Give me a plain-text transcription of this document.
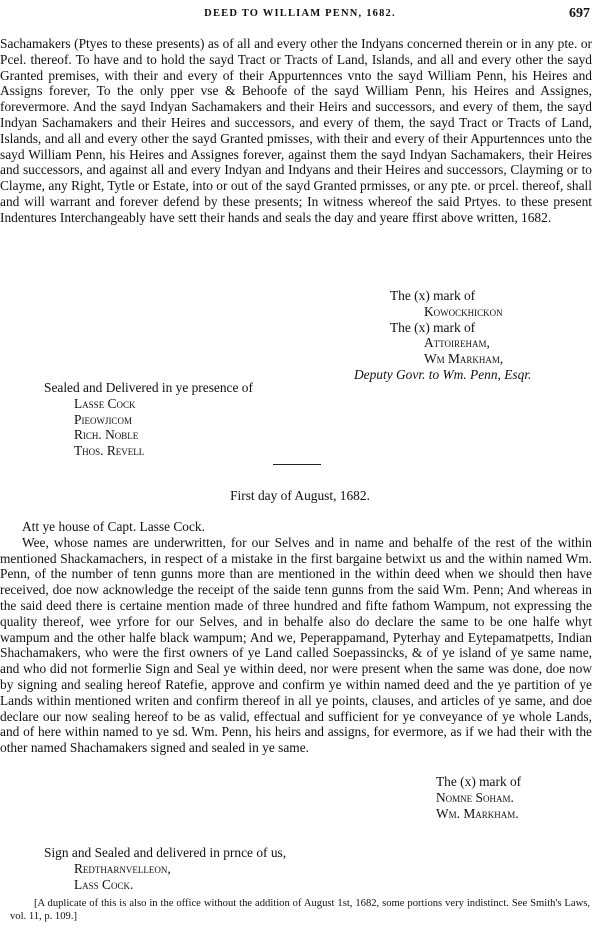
DEED TO WILLIAM PENN, 1682.	697

Sachamakers (Ptyes to these presents) as of all and every other the Indyans concerned therein or in any pte. or Pcel. thereof. To have and to hold the sayd Tract or Tracts of Land, Islands, and all and every other the sayd Granted premises, with their and every of their Appurtennces vnto the sayd William Penn, his Heires and Assigns forever, To the only pper vse & Behoofe of the sayd William Penn, his Heires and Assignes, forevermore. And the sayd Indyan Sachamakers and their Heirs and successors, and every of them, the sayd Indyan Sachamakers and their Heires and successors, and every of them, the sayd Tract or Tracts of Land, Islands, and all and every other the sayd Granted pmisses, with their and every of their Appurtennces unto the sayd William Penn, his Heires and Assignes forever, against them the sayd Indyan Sachamakers, their Heires and successors, and against all and every Indyan and Indyans and their Heires and successors, Clayming or to Clayme, any Right, Tytle or Estate, into or out of the sayd Granted prmisses, or any pte. or prcel. thereof, shall and will warrant and forever defend by these presents; In witness whereof the said Prtyes. to these present Indentures Interchangeably have sett their hands and seals the day and yeare ffirst above written, 1682.

The (x) mark of
Kowockhickon
The (x) mark of
Attoireham,
Wm Markham,
Deputy Govr. to Wm. Penn, Esqr.
Sealed and Delivered in ye presence of
Lasse Cock
Pieowjicom
Rich. Noble
Thos. Revell
First day of August, 1682.

Att ye house of Capt. Lasse Cock.

Wee, whose names are underwritten, for our Selves and in name and behalfe of the rest of the within mentioned Shackamachers, in respect of a mistake in the first bargaine betwixt us and the within named Wm. Penn, of the number of tenn gunns more than are mentioned in the within deed when we should then have received, doe now acknowledge the receipt of the saide tenn gunns from the said Wm. Penn; And whereas in the said deed there is certaine mention made of three hundred and fifte fathom Wampum, not expressing the quality thereof, wee yrfore for our Selves, and in behalfe also do declare the same to be one halfe whyt wampum and the other halfe black wampum; And we, Peperappamand, Pyterhay and Eytepamatpetts, Indian Shachamakers, who were the first owners of ye Land called Soepassincks, & of ye island of ye same name, and who did not formerlie Sign and Seal ye within deed, nor were present when the same was done, doe now by signing and sealing hereof Ratefie, approve and confirm ye within named deed and the ye partition of ye Lands within mentioned writen and confirm thereof in all ye points, clauses, and articles of ye same, and doe declare our now sealing hereof to be as valid, effectual and sufficient for ye conveyance of ye whole Lands, and of here within named to ye sd. Wm. Penn, his heirs and assigns, for evermore, as if we had their with the other named Shachamakers signed and sealed in ye same.

The (x) mark of
Nomne Soham.
Wm. Markham.
Sign and Sealed and delivered in prnce of us,
Redtharnvelleon,
Lass Cock.

[A duplicate of this is also in the office without the addition of August 1st, 1682, some portions very indistinct. See Smith's Laws, vol. 11, p. 109.]
